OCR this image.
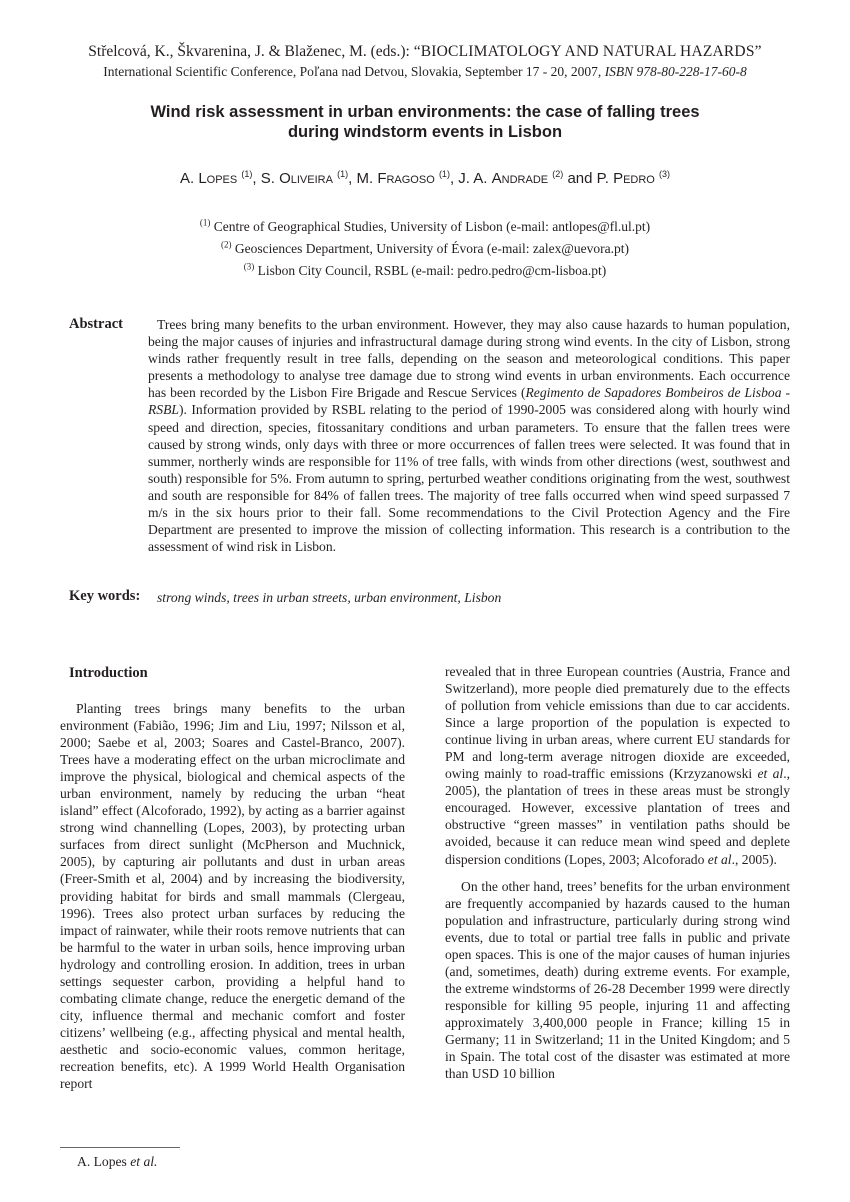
Střelcová, K., Škvarenina, J. & Blaženec, M. (eds.): “BIOCLIMATOLOGY AND NATURAL HAZARDS”
International Scientific Conference, Poľana nad Detvou, Slovakia, September 17 - 20, 2007, ISBN 978-80-228-17-60-8
Wind risk assessment in urban environments: the case of falling trees
during windstorm events in Lisbon
A. Lopes $^{(1)}$, S. Oliveira $^{(1)}$, M. Fragoso $^{(1)}$, J. A. Andrade $^{(2)}$ and P. Pedro $^{(3)}$
$^{(1)}$ Centre of Geographical Studies, University of Lisbon (e-mail: antlopes@fl.ul.pt)
$^{(2)}$ Geosciences Department, University of Évora (e-mail: zalex@uevora.pt)
$^{(3)}$ Lisbon City Council, RSBL (e-mail: pedro.pedro@cm-lisboa.pt)
Abstract	Trees bring many benefits to the urban environment. However, they may also cause hazards to human population, being the major causes of injuries and infrastructural damage during strong wind events. In the city of Lisbon, strong winds rather frequently result in tree falls, depending on the season and meteorological conditions. This paper presents a methodology to analyse tree damage due to strong wind events in urban environments. Each occurrence has been recorded by the Lisbon Fire Brigade and Rescue Services (Regimento de Sapadores Bombeiros de Lisboa - RSBL). Information provided by RSBL relating to the period of 1990-2005 was considered along with hourly wind speed and direction, species, fitossanitary conditions and urban parameters. To ensure that the fallen trees were caused by strong winds, only days with three or more occurrences of fallen trees were selected. It was found that in summer, northerly winds are responsible for 11% of tree falls, with winds from other directions (west, southwest and south) responsible for 5%. From autumn to spring, perturbed weather conditions originating from the west, southwest and south are responsible for 84% of fallen trees. The majority of tree falls occurred when wind speed surpassed 7 m/s in the six hours prior to their fall. Some recommendations to the Civil Protection Agency and the Fire Department are presented to improve the mission of collecting information. This research is a contribution to the assessment of wind risk in Lisbon.
Key words: strong winds, trees in urban streets, urban environment, Lisbon
Introduction

Planting trees brings many benefits to the urban environment (Fabião, 1996; Jim and Liu, 1997; Nilsson et al, 2000; Saebe et al, 2003; Soares and Castel-Branco, 2007). Trees have a moderating effect on the urban microclimate and improve the physical, biological and chemical aspects of the urban environment, namely by reducing the urban “heat island” effect (Alcoforado, 1992), by acting as a barrier against strong wind channelling (Lopes, 2003), by protecting urban surfaces from direct sunlight (McPherson and Muchnick, 2005), by capturing air pollutants and dust in urban areas (Freer-Smith et al, 2004) and by increasing the biodiversity, providing habitat for birds and small mammals (Clergeau, 1996). Trees also protect urban surfaces by reducing the impact of rainwater, while their roots remove nutrients that can be harmful to the water in urban soils, hence improving urban hydrology and controlling erosion. In addition, trees in urban settings sequester carbon, providing a helpful hand to combating climate change, reduce the energetic demand of the city, influence thermal and mechanic comfort and foster citizens’ wellbeing (e.g., affecting physical and mental health, aesthetic and socio-economic values, common heritage, recreation benefits, etc). A 1999 World Health Organisation report

revealed that in three European countries (Austria, France and Switzerland), more people died prematurely due to the effects of pollution from vehicle emissions than due to car accidents. Since a large proportion of the population is expected to continue living in urban areas, where current EU standards for PM and long-term average nitrogen dioxide are exceeded, owing mainly to road-traffic emissions (Krzyzanowski et al., 2005), the plantation of trees in these areas must be strongly encouraged. However, excessive plantation of trees and obstructive “green masses” in ventilation paths should be avoided, because it can reduce mean wind speed and deplete dispersion conditions (Lopes, 2003; Alcoforado et al., 2005).

On the other hand, trees’ benefits for the urban environment are frequently accompanied by hazards caused to the human population and infrastructure, particularly during strong wind events, due to total or partial tree falls in public and private open spaces. This is one of the major causes of human injuries (and, sometimes, death) during extreme events. For example, the extreme windstorms of 26-28 December 1999 were directly responsible for killing 95 people, injuring 11 and affecting approximately 3,400,000 people in France; killing 15 in Germany; 11 in Switzerland; 11 in the United Kingdom; and 5 in Spain. The total cost of the disaster was estimated at more than USD 10 billion

A. Lopes et al.
